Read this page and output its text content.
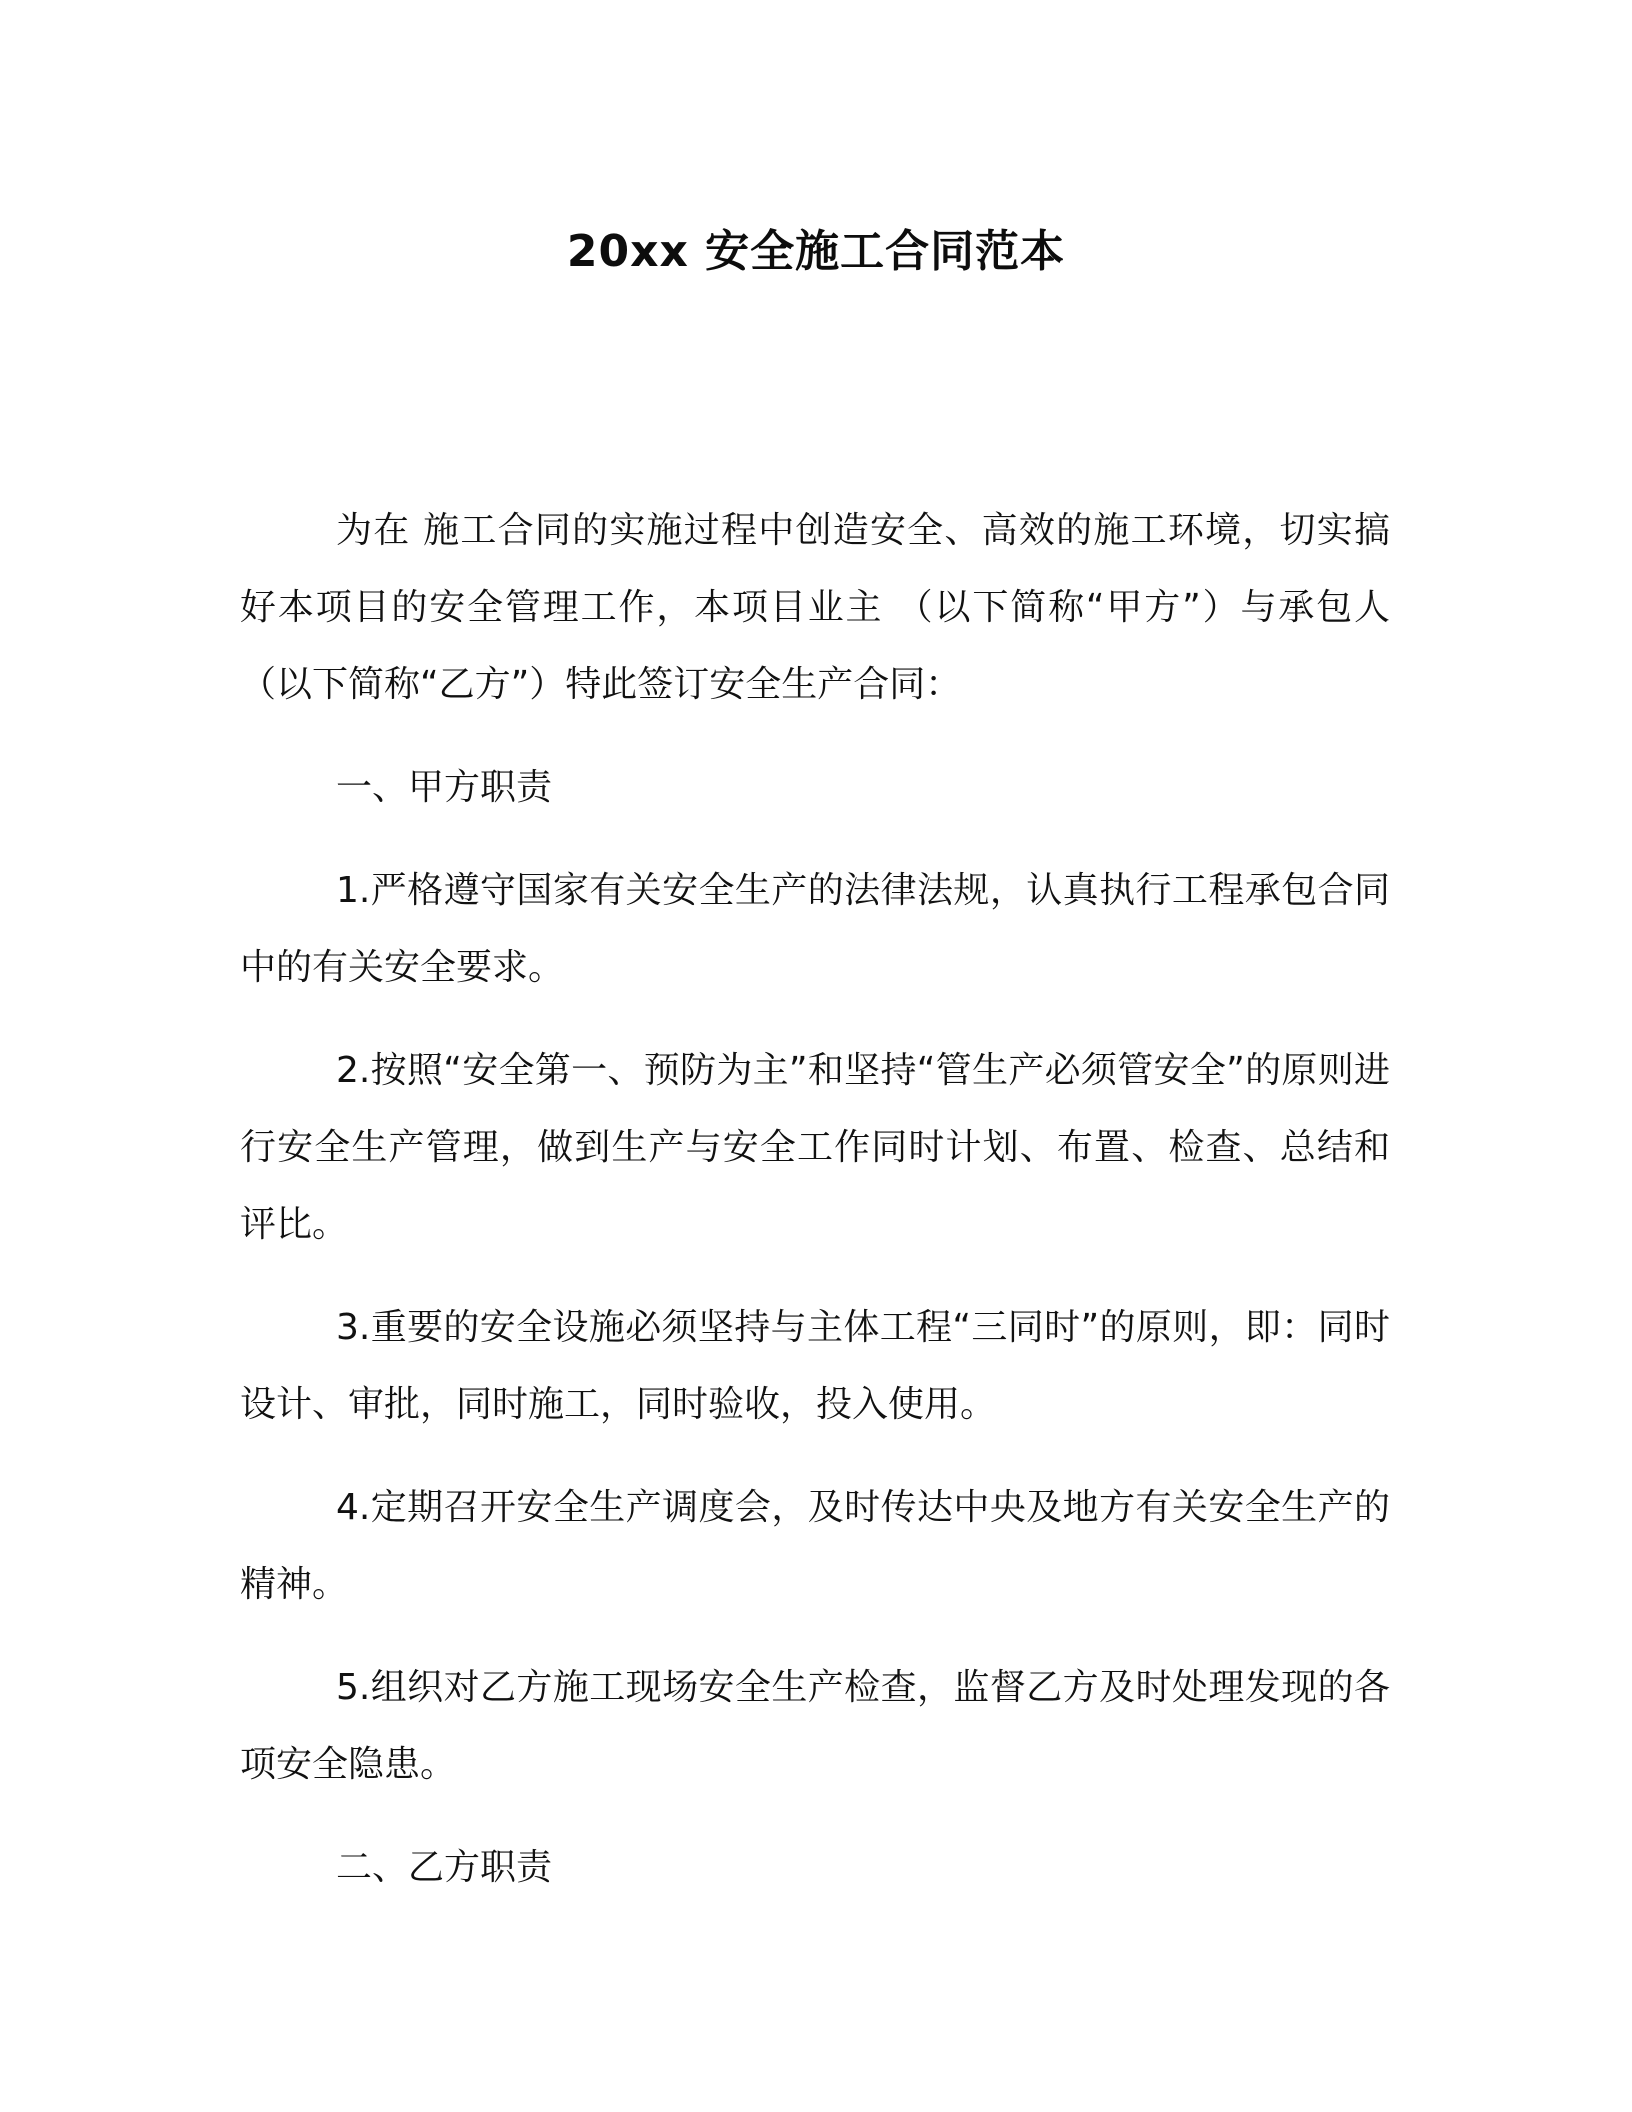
20xx 安全施工合同范本

为在 施工合同的实施过程中创造安全、高效的施工环境，切实搞好本项目的安全管理工作，本项目业主 （以下简称“甲方”）与承包人 （以下简称“乙方”）特此签订安全生产合同：

一、甲方职责

1.严格遵守国家有关安全生产的法律法规，认真执行工程承包合同中的有关安全要求。

2.按照“安全第一、预防为主”和坚持“管生产必须管安全”的原则进行安全生产管理，做到生产与安全工作同时计划、布置、检查、总结和评比。

3.重要的安全设施必须坚持与主体工程“三同时”的原则，即：同时设计、审批，同时施工，同时验收，投入使用。

4.定期召开安全生产调度会，及时传达中央及地方有关安全生产的精神。

5.组织对乙方施工现场安全生产检查，监督乙方及时处理发现的各项安全隐患。

二、乙方职责
